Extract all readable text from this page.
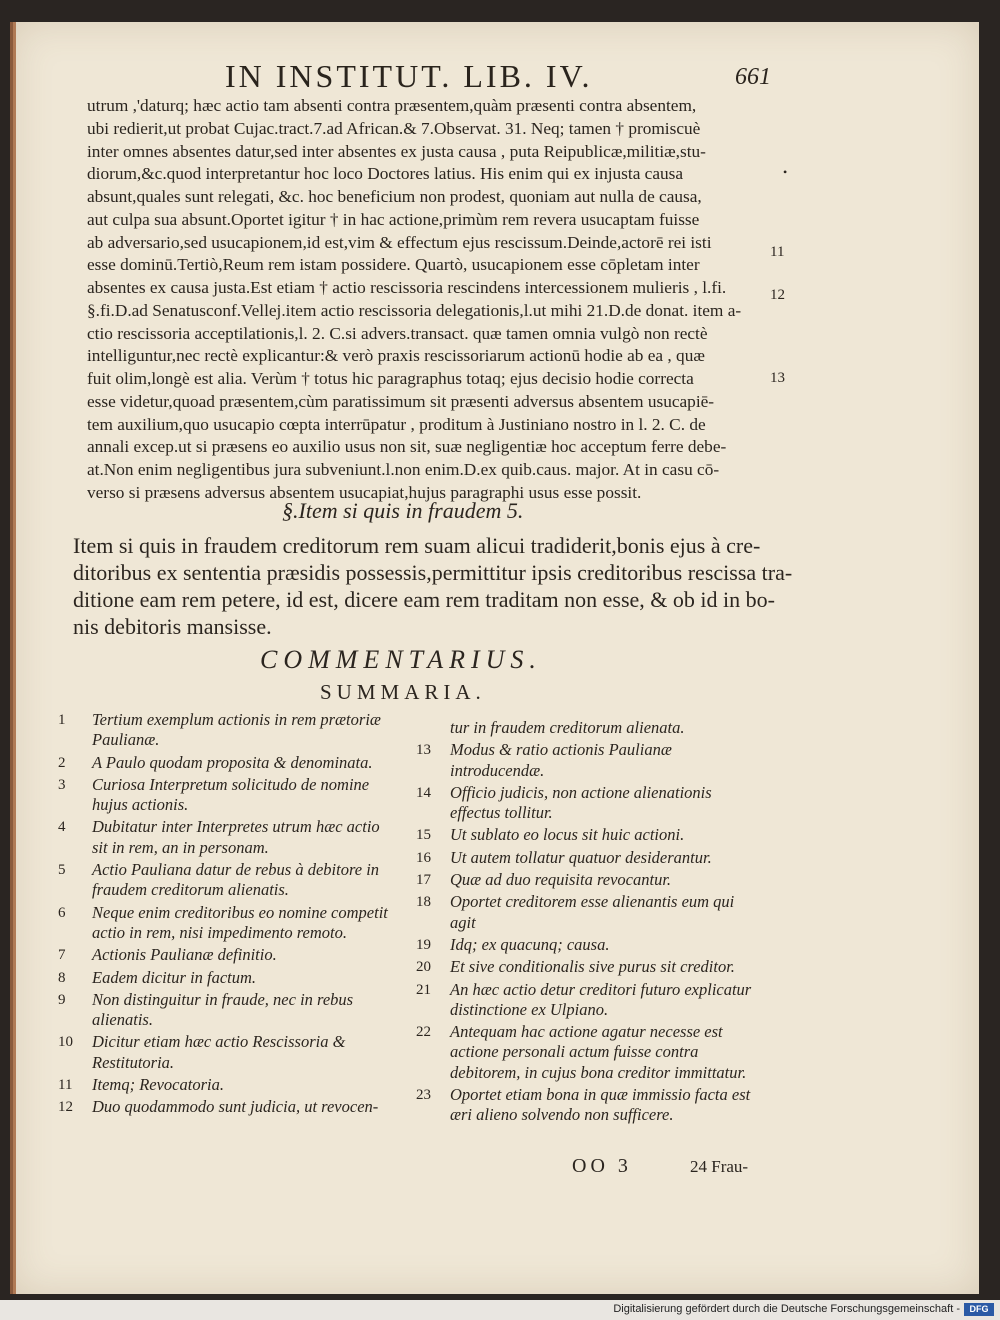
IN INSTITUT. LIB. IV.	661
utrum ,'daturq; hæc actio tam absenti contra præsentem,quàm præsenti contra absentem,
ubi redierit,ut probat Cujac.tract.7.ad African.& 7.Observat. 31. Neq; tamen † promiscuè
inter omnes absentes datur,sed inter absentes ex justa causa , puta Reipublicæ,militiæ,stu-
diorum,&c.quod interpretantur hoc loco Doctores latius. His enim qui ex injusta causa
absunt,quales sunt relegati, &c. hoc beneficium non prodest, quoniam aut nulla de causa,
aut culpa sua absunt.Oportet igitur † in hac actione,primùm rem revera usucaptam fuisse
ab adversario,sed usucapionem,id est,vim & effectum ejus rescissum.Deinde,actorē rei isti
esse dominū.Tertiò,Reum rem istam possidere. Quartò, usucapionem esse cōpletam inter
absentes ex causa justa.Est etiam † actio rescissoria rescindens intercessionem mulieris , l.fi.
§.fi.D.ad Senatusconf.Vellej.item actio rescissoria delegationis,l.ut mihi 21.D.de donat. item a-
ctio rescissoria acceptilationis,l. 2. C.si advers.transact. quæ tamen omnia vulgò non rectè
intelliguntur,nec rectè explicantur:& verò praxis rescissoriarum actionū hodie ab ea , quæ
fuit olim,longè est alia. Verùm † totus hic paragraphus totaq; ejus decisio hodie correcta
esse videtur,quoad præsentem,cùm paratissimum sit præsenti adversus absentem usucapiē-
tem auxilium,quo usucapio cœpta interrūpatur , proditum à Justiniano nostro in l. 2. C. de
annali excep.ut si præsens eo auxilio usus non sit, suæ negligentiæ hoc acceptum ferre debe-
at.Non enim negligentibus jura subveniunt.l.non enim.D.ex quib.caus. major. At in casu cō-
verso si præsens adversus absentem usucapiat,hujus paragraphi usus esse possit.
•
11
12
13
§.Item si quis in fraudem 5.
Item si quis in fraudem creditorum rem suam alicui tradiderit,bonis ejus à cre-
ditoribus ex sententia præsidis possessis,permittitur ipsis creditoribus rescissa tra-
ditione eam rem petere, id est, dicere eam rem traditam non esse, & ob id in bo-
nis debitoris mansisse.
COMMENTARIUS.
SUMMARIA.
1 Tertium exemplum actionis in rem prætoriæ Paulianæ.
2 A Paulo quodam proposita & denominata.
3 Curiosa Interpretum solicitudo de nomine hujus actionis.
4 Dubitatur inter Interpretes utrum hæc actio sit in rem, an in personam.
5 Actio Pauliana datur de rebus à debitore in fraudem creditorum alienatis.
6 Neque enim creditoribus eo nomine competit actio in rem, nisi impedimento remoto.
7 Actionis Paulianæ definitio.
8 Eadem dicitur in factum.
9 Non distinguitur in fraude, nec in rebus alienatis.
10 Dicitur etiam hæc actio Rescissoria & Restitutoria.
11 Itemq; Revocatoria.
12 Duo quodammodo sunt judicia, ut revocen-
tur in fraudem creditorum alienata.
13 Modus & ratio actionis Paulianæ introducendæ.
14 Officio judicis, non actione alienationis effectus tollitur.
15 Ut sublato eo locus sit huic actioni.
16 Ut autem tollatur quatuor desiderantur.
17 Quæ ad duo requisita revocantur.
18 Oportet creditorem esse alienantis eum qui agit
19 Idq; ex quacunq; causa.
20 Et sive conditionalis sive purus sit creditor.
21 An hæc actio detur creditori futuro explicatur distinctione ex Ulpiano.
22 Antequam hac actione agatur necesse est actione personali actum fuisse contra debitorem, in cujus bona creditor immittatur.
23 Oportet etiam bona in quæ immissio facta est æri alieno solvendo non sufficere.
OO 3	24 Frau-
Digitalisierung gefördert durch die Deutsche Forschungsgemeinschaft -	DFG
